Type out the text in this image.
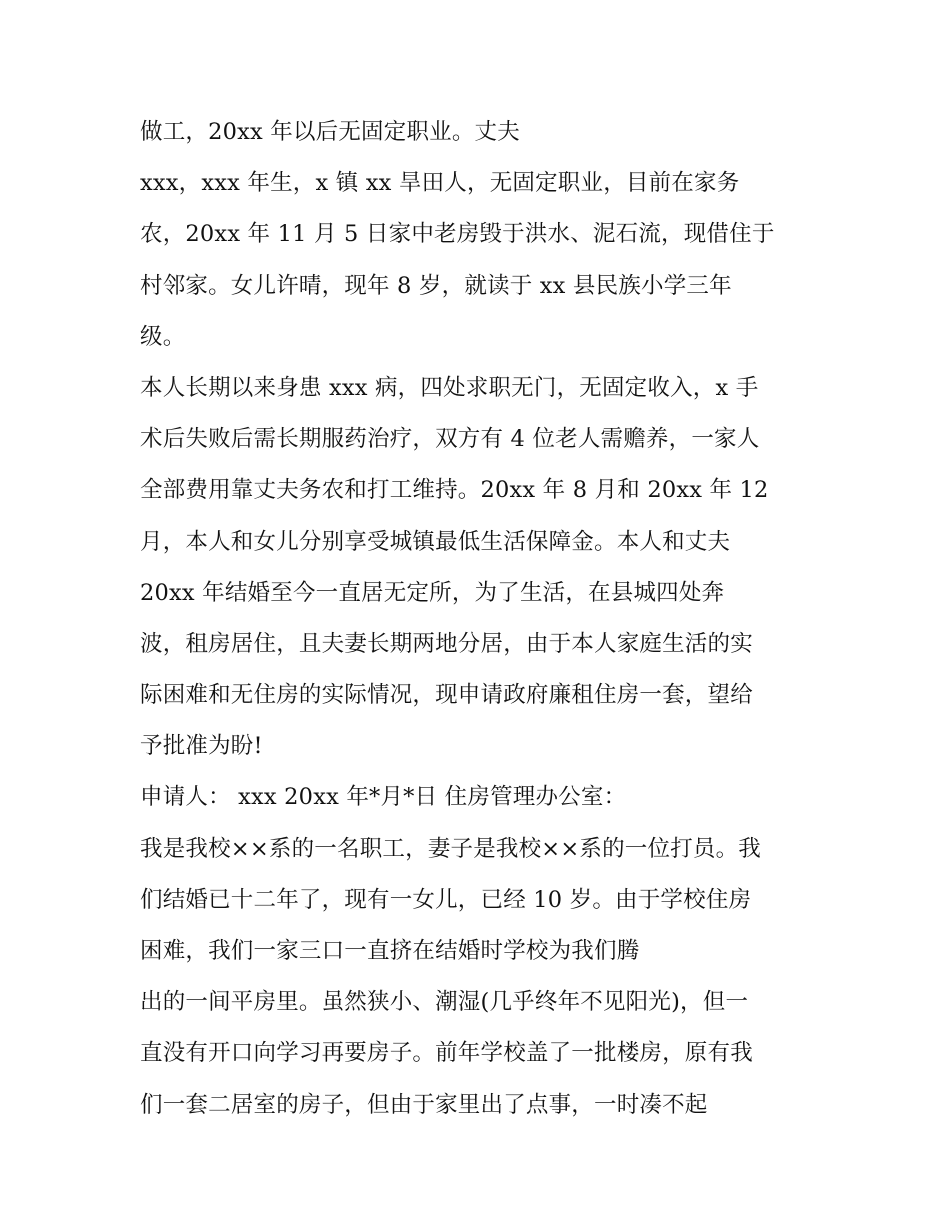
做工，20xx 年以后无固定职业。丈夫
xxx，xxx 年生，x 镇 xx 旱田人，无固定职业，目前在家务
农，20xx 年 11 月 5 日家中老房毁于洪水、泥石流，现借住于
村邻家。女儿许晴，现年 8 岁，就读于 xx 县民族小学三年
级。
本人长期以来身患 xxx 病，四处求职无门，无固定收入，x 手
术后失败后需长期服药治疗，双方有 4 位老人需赡养，一家人
全部费用靠丈夫务农和打工维持。20xx 年 8 月和 20xx 年 12
月，本人和女儿分别享受城镇最低生活保障金。本人和丈夫
20xx 年结婚至今一直居无定所，为了生活，在县城四处奔
波，租房居住，且夫妻长期两地分居，由于本人家庭生活的实
际困难和无住房的实际情况，现申请政府廉租住房一套，望给
予批准为盼!
申请人： xxx 20xx 年*月*日 住房管理办公室：
我是我校××系的一名职工，妻子是我校××系的一位打员。我
们结婚已十二年了，现有一女儿，已经 10 岁。由于学校住房
困难，我们一家三口一直挤在结婚时学校为我们腾
出的一间平房里。虽然狭小、潮湿(几乎终年不见阳光)，但一
直没有开口向学习再要房子。前年学校盖了一批楼房，原有我
们一套二居室的房子，但由于家里出了点事，一时凑不起
